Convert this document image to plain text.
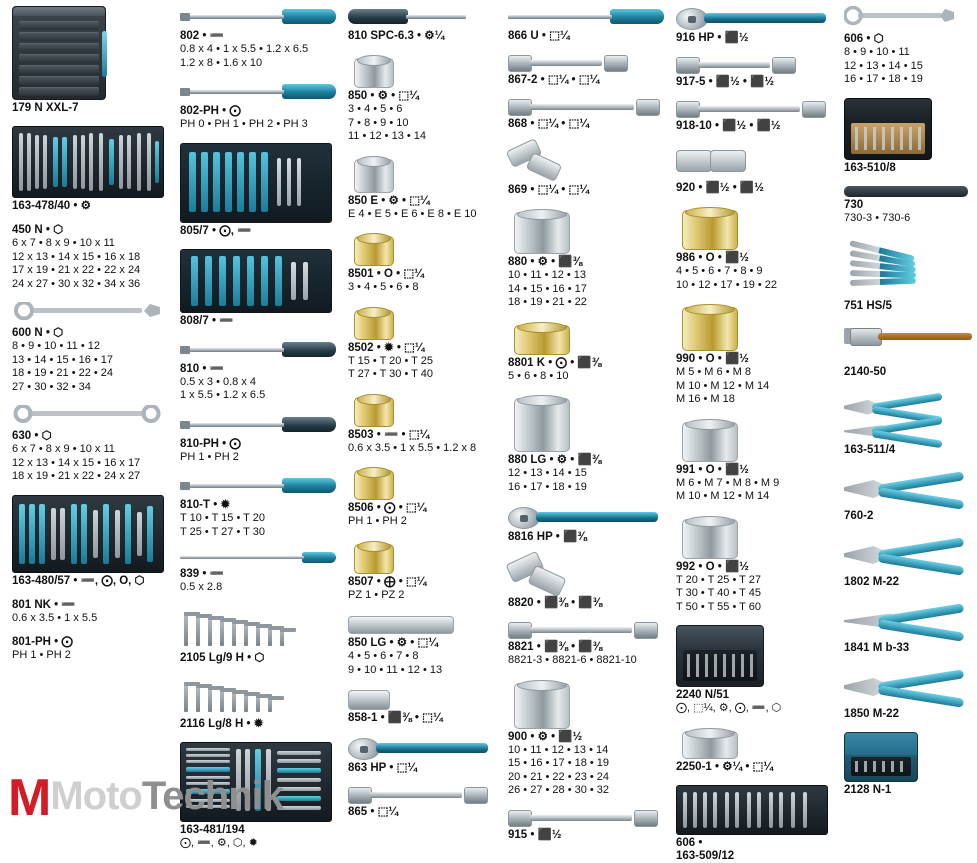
179 N XXL-7
163-478/40 • ⚙
450 N • ⬡
6 x 7 • 8 x 9 • 10 x 11
12 x 13 • 14 x 15 • 16 x 18
17 x 19 • 21 x 22 • 22 x 24
24 x 27 • 30 x 32 • 34 x 36
600 N • ⬡
8 • 9 • 10 • 11 • 12
13 • 14 • 15 • 16 • 17
18 • 19 • 21 • 22 • 24
27 • 30 • 32 • 34
630 • ⬡
6 x 7 • 8 x 9 • 10 x 11
12 x 13 • 14 x 15 • 16 x 17
18 x 19 • 21 x 22 • 24 x 27
163-480/57 • ➖, ⨀, O, ⬡
801 NK • ➖
0.6 x 3.5 • 1 x 5.5
801-PH • ⨀
PH 1 • PH 2
802 • ➖
0.8 x 4 • 1 x 5.5 • 1.2 x 6.5
1.2 x 8 • 1.6 x 10
802-PH • ⨀
PH 0 • PH 1 • PH 2 • PH 3
805/7 • ⨀, ➖
808/7 • ➖
810 • ➖
0.5 x 3 • 0.8 x 4
1 x 5.5 • 1.2 x 6.5
810-PH • ⨀
PH 1 • PH 2
810-T • ✹
T 10 • T 15 • T 20
T 25 • T 27 • T 30
839 • ➖
0.5 x 2.8
2105 Lg/9 H • ⬡
2116 Lg/8 H • ✹
163-481/194
⨀, ➖, ⚙, ⬡, ✹
810 SPC-6.3 • ⚙¼
850 • ⚙ • ⬚¼
3 • 4 • 5 • 6
7 • 8 • 9 • 10
11 • 12 • 13 • 14
850 E • ⚙ • ⬚¼
E 4 • E 5 • E 6 • E 8 • E 10
8501 • O • ⬚¼
3 • 4 • 5 • 6 • 8
8502 • ✹ • ⬚¼
T 15 • T 20 • T 25
T 27 • T 30 • T 40
8503 • ➖ • ⬚¼
0.6 x 3.5 • 1 x 5.5 • 1.2 x 8
8506 • ⨀ • ⬚¼
PH 1 • PH 2
8507 • ⨁ • ⬚¼
PZ 1 • PZ 2
850 LG • ⚙ • ⬚¼
4 • 5 • 6 • 7 • 8
9 • 10 • 11 • 12 • 13
858-1 • ⬛⅜ • ⬚¼
863 HP • ⬚¼
865 • ⬚¼
866 U • ⬚¼
867-2 • ⬚¼ • ⬚¼
868 • ⬚¼ • ⬚¼
869 • ⬚¼ • ⬚¼
880 • ⚙ • ⬛⅜
10 • 11 • 12 • 13
14 • 15 • 16 • 17
18 • 19 • 21 • 22
8801 K • ⨀ • ⬛⅜
5 • 6 • 8 • 10
880 LG • ⚙ • ⬛⅜
12 • 13 • 14 • 15
16 • 17 • 18 • 19
8816 HP • ⬛⅜
8820 • ⬛⅜ • ⬛⅜
8821 • ⬛⅜ • ⬛⅜
8821-3 • 8821-6 • 8821-10
900 • ⚙ • ⬛½
10 • 11 • 12 • 13 • 14
15 • 16 • 17 • 18 • 19
20 • 21 • 22 • 23 • 24
26 • 27 • 28 • 30 • 32
915 • ⬛½
916 HP • ⬛½
917-5 • ⬛½ • ⬛½
918-10 • ⬛½ • ⬛½
920 • ⬛½ • ⬛½
986 • O • ⬛½
4 • 5 • 6 • 7 • 8 • 9
10 • 12 • 17 • 19 • 22
990 • O • ⬛½
M 5 • M 6 • M 8
M 10 • M 12 • M 14
M 16 • M 18
991 • O • ⬛½
M 6 • M 7 • M 8 • M 9
M 10 • M 12 • M 14
992 • O • ⬛½
T 20 • T 25 • T 27
T 30 • T 40 • T 45
T 50 • T 55 • T 60
2240 N/51
⨀, ⬚¼, ⚙, ⨀, ➖, ⬡
2250-1 • ⚙¼ • ⬚¼
606 •
163-509/12
606 • ⬡
8 • 9 • 10 • 11
12 • 13 • 14 • 15
16 • 17 • 18 • 19
163-510/8
730
730-3 • 730-6
751 HS/5
2140-50
163-511/4
760-2
1802 M-22
1841 M b-33
1850 M-22
2128 N-1
MMotoTechnik
